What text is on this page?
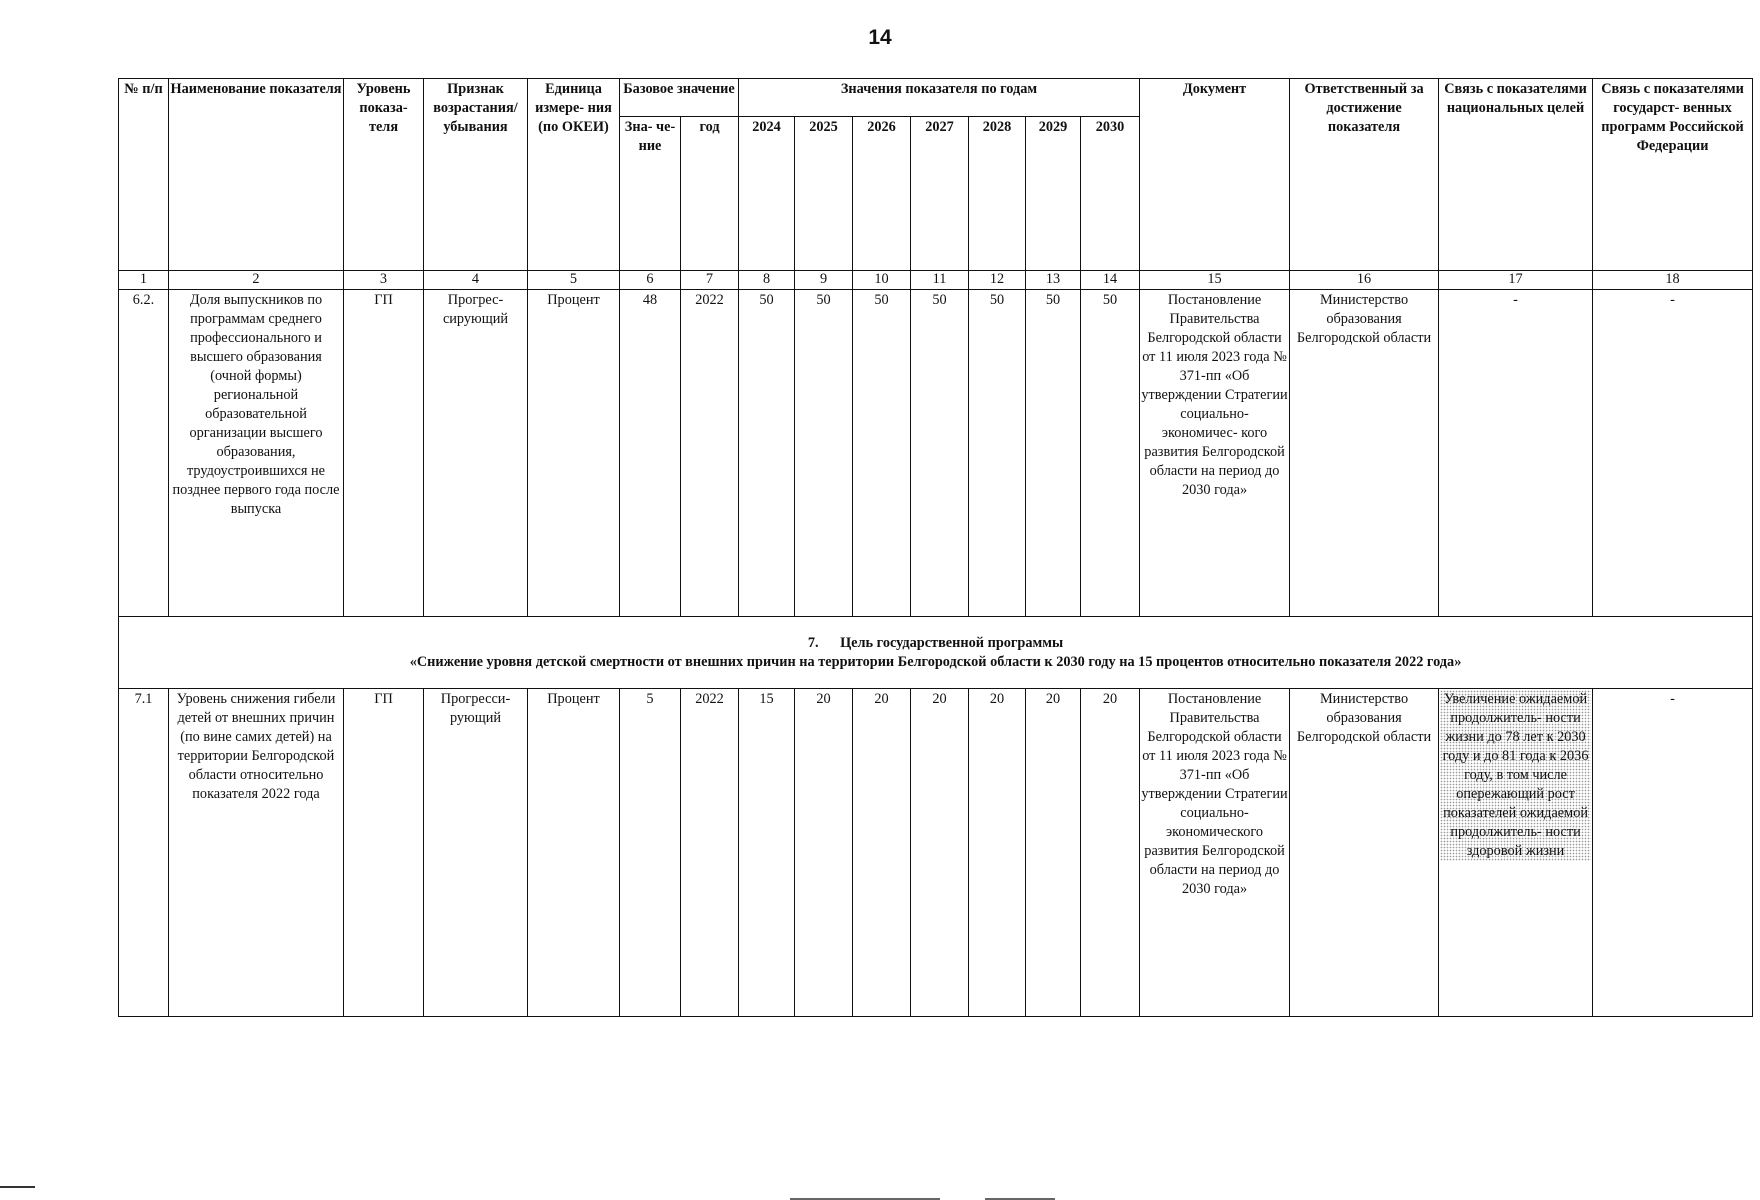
14
№ п/п	Наименование показателя	Уровень показа- теля	Признак возрастания/ убывания	Единица измере- ния (по ОКЕИ)	Базовое значение		Значения показателя по годам							Документ	Ответственный за достижение показателя	Связь с показателями национальных целей	Связь с показателями государст- венных программ Российской Федерации
					Зна- че- ние	год	2024	2025	2026	2027	2028	2029	2030				
1	2	3	4	5	6	7	8	9	10	11	12	13	14	15	16	17	18
6.2.	Доля выпускников по программам среднего профессионального и высшего образования (очной формы) региональной образовательной организации высшего образования, трудоустроившихся не позднее первого года после выпуска	ГП	Прогрес- сирующий	Процент	48	2022	50	50	50	50	50	50	50	Постановление Правительства Белгородской области от 11 июля 2023 года № 371-пп «Об утверждении Стратегии социально- экономичес- кого развития Белгородской области на период до 2030 года»	Министерство образования Белгородской области	-	-

7. Цель государственной программы
«Снижение уровня детской смертности от внешних причин на территории Белгородской области к 2030 году на 15 процентов относительно показателя 2022 года»																	

7.1	Уровень снижения гибели детей от внешних причин (по вине самих детей) на территории Белгородской области относительно показателя 2022 года	ГП	Прогресси- рующий	Процент	5	2022	15	20	20	20	20	20	20	Постановление Правительства Белгородской области от 11 июля 2023 года № 371-пп «Об утверждении Стратегии социально- экономического развития Белгородской области на период до 2030 года»	Министерство образования Белгородской области	Увеличение ожидаемой продолжитель- ности жизни до 78 лет к 2030 году и до 81 года к 2036 году, в том числе опережающий рост показателей ожидаемой продолжитель- ности здоровой жизни	-
